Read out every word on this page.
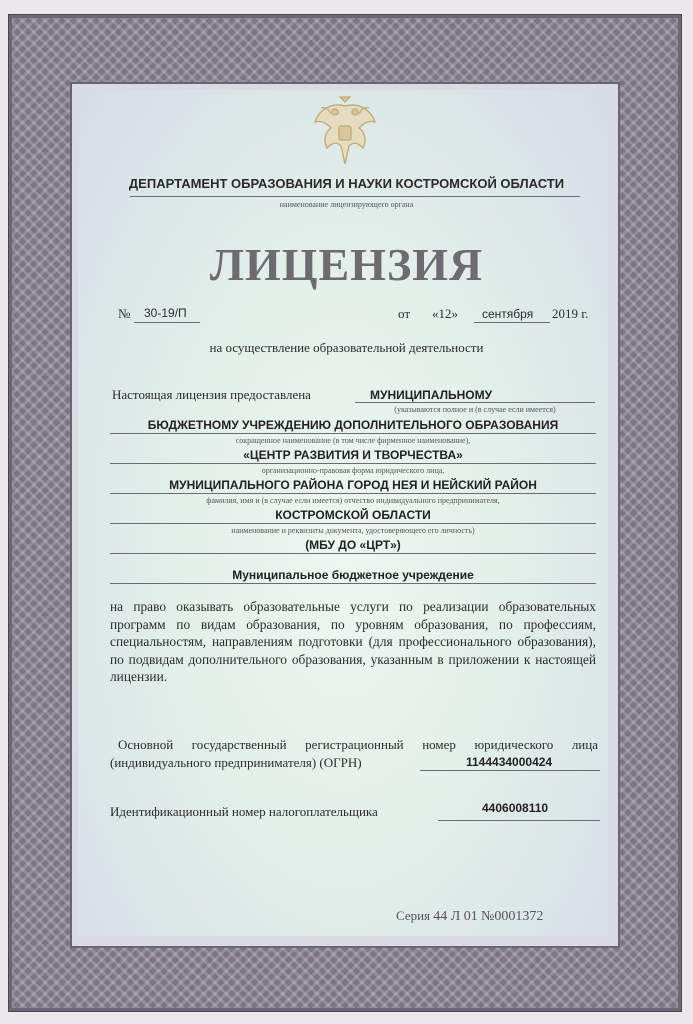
ДЕПАРТАМЕНТ ОБРАЗОВАНИЯ И НАУКИ КОСТРОМСКОЙ ОБЛАСТИ
наименование лицензирующего органа
ЛИЦЕНЗИЯ
№ 30-19/П	от «12» сентября 2019 г.
на осуществление образовательной деятельности
Настоящая лицензия предоставлена	МУНИЦИПАЛЬНОМУ
(указываются полное и (в случае если имеется)
БЮДЖЕТНОМУ УЧРЕЖДЕНИЮ ДОПОЛНИТЕЛЬНОГО ОБРАЗОВАНИЯ
сокращенное наименование (в том числе фирменное наименование),
«ЦЕНТР РАЗВИТИЯ И ТВОРЧЕСТВА»
организационно-правовая форма юридического лица,
МУНИЦИПАЛЬНОГО РАЙОНА ГОРОД НЕЯ И НЕЙСКИЙ РАЙОН
фамилия, имя и (в случае если имеется) отчество индивидуального предпринимателя,
КОСТРОМСКОЙ ОБЛАСТИ
наименование и реквизиты документа, удостоверяющего его личность)
(МБУ ДО «ЦРТ»)
Муниципальное бюджетное учреждение
на право оказывать образовательные услуги по реализации образовательных программ по видам образования, по уровням образования, по профессиям, специальностям, направлениям подготовки (для профессионального образования), по подвидам дополнительного образования, указанным в приложении к настоящей лицензии.
Основной государственный регистрационный номер юридического лица
(индивидуального предпринимателя) (ОГРН)	1144434000424
Идентификационный номер налогоплательщика	4406008110
Серия 44 Л 01 №0001372
